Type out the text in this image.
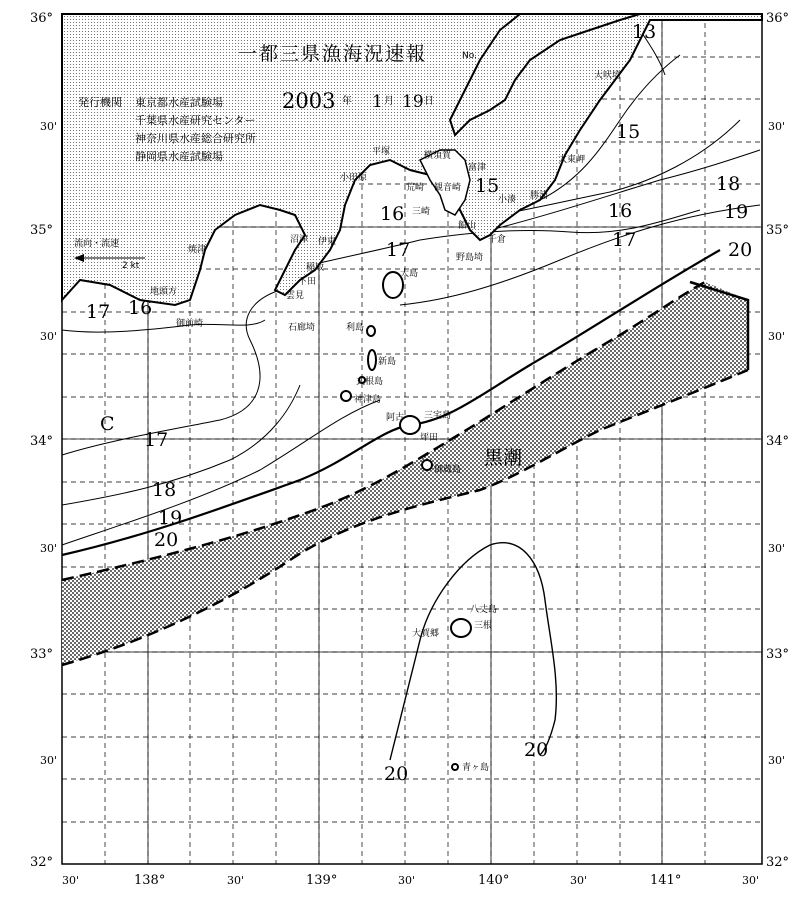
流向・流速
2 kt
一都三県漁海況速報	No.
発行機関 東京都水産試験場
千葉県水産研究センター
神奈川県水産総合研究所
静岡県水産試験場
2003 年 1 月 19 日
36°
30'
35°
30'
34°
30'
33°
30'
32°
36°
30'
35°
30'
34°
30'
33°
30'
32°
30'	138°	30'	139°	30'	140°	30'	141°	30'
13
15
15
16	16
17	17
17
17
18
18
19
19
20
20
20
20
16
黒潮
C
大吠埼
太東岬
勝浦
小湊
千倉
館山
野島埼
富津
観音崎
横須賀
三崎
荒崎
平塚
小田原
伊東
稲取
下田
雲見
石廊埼
沼津
焼津
御前崎
地頭方
大島
利島
新島
式根島
神津島
三宅島
阿古
坪田
御蔵島
八丈島
三根
大賀郷
青ヶ島
